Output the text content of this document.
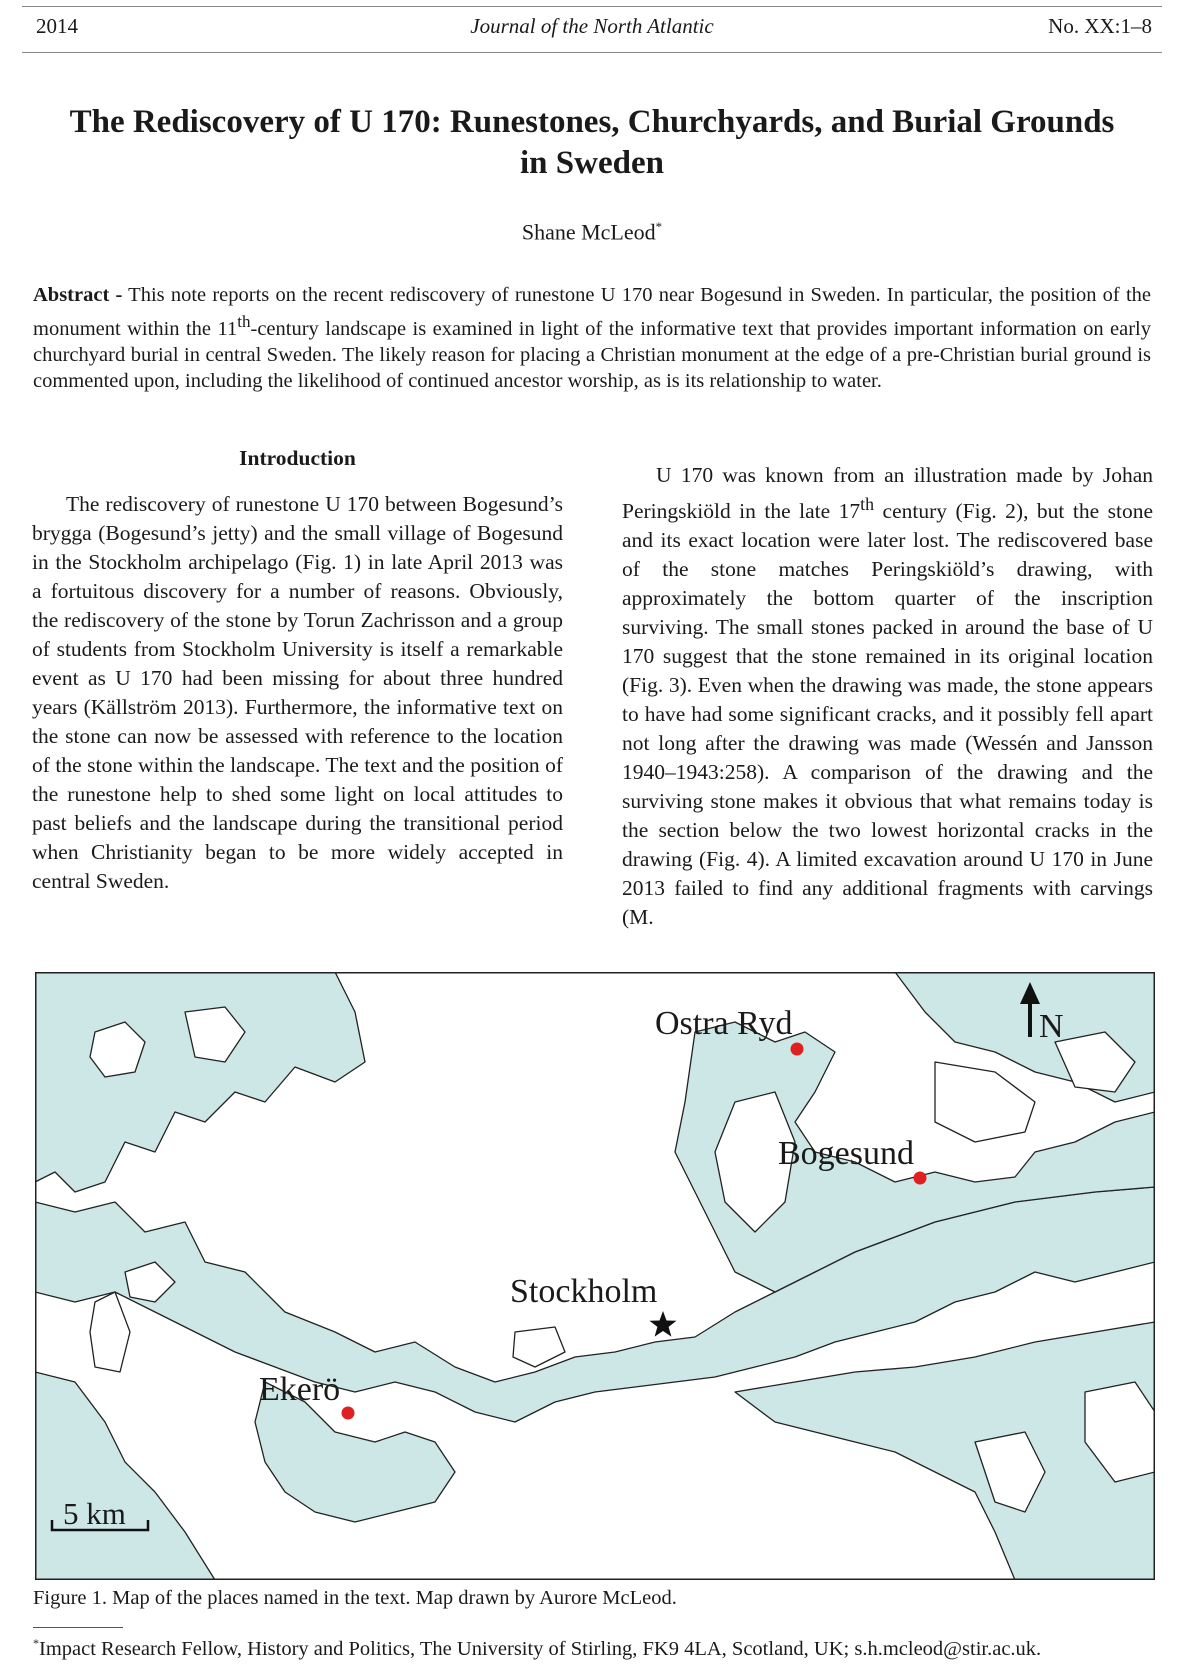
2014	Journal of the North Atlantic	No. XX:1–8
The Rediscovery of U 170: Runestones, Churchyards, and Burial Grounds in Sweden
Shane McLeod*

Abstract - This note reports on the recent rediscovery of runestone U 170 near Bogesund in Sweden. In particular, the position of the monument within the 11th-century landscape is examined in light of the informative text that provides important information on early churchyard burial in central Sweden. The likely reason for placing a Christian monument at the edge of a pre-Christian burial ground is commented upon, including the likelihood of continued ancestor worship, as is its relationship to water.

Introduction

The rediscovery of runestone U 170 between Bogesund’s brygga (Bogesund’s jetty) and the small village of Bogesund in the Stockholm archipelago (Fig. 1) in late April 2013 was a fortuitous discovery for a number of reasons. Obviously, the rediscovery of the stone by Torun Zachrisson and a group of students from Stockholm University is itself a remarkable event as U 170 had been missing for about three hundred years (Källström 2013). Furthermore, the informative text on the stone can now be assessed with reference to the location of the stone within the landscape. The text and the position of the runestone help to shed some light on local attitudes to past beliefs and the landscape during the transitional period when Christianity began to be more widely accepted in central Sweden.

U 170 was known from an illustration made by Johan Peringskiöld in the late 17th century (Fig. 2), but the stone and its exact location were later lost. The rediscovered base of the stone matches Peringskiöld’s drawing, with approximately the bottom quarter of the inscription surviving. The small stones packed in around the base of U 170 suggest that the stone remained in its original location (Fig. 3). Even when the drawing was made, the stone appears to have had some significant cracks, and it possibly fell apart not long after the drawing was made (Wessén and Jansson 1940–1943:258). A comparison of the drawing and the surviving stone makes it obvious that what remains today is the section below the two lowest horizontal cracks in the drawing (Fig. 4). A limited excavation around U 170 in June 2013 failed to find any additional fragments with carvings (M.

Ostra Ryd
Bogesund
Stockholm
Ekerö
N
5 km
Figure 1. Map of the places named in the text. Map drawn by Aurore McLeod.
*Impact Research Fellow, History and Politics, The University of Stirling, FK9 4LA, Scotland, UK; s.h.mcleod@stir.ac.uk.
